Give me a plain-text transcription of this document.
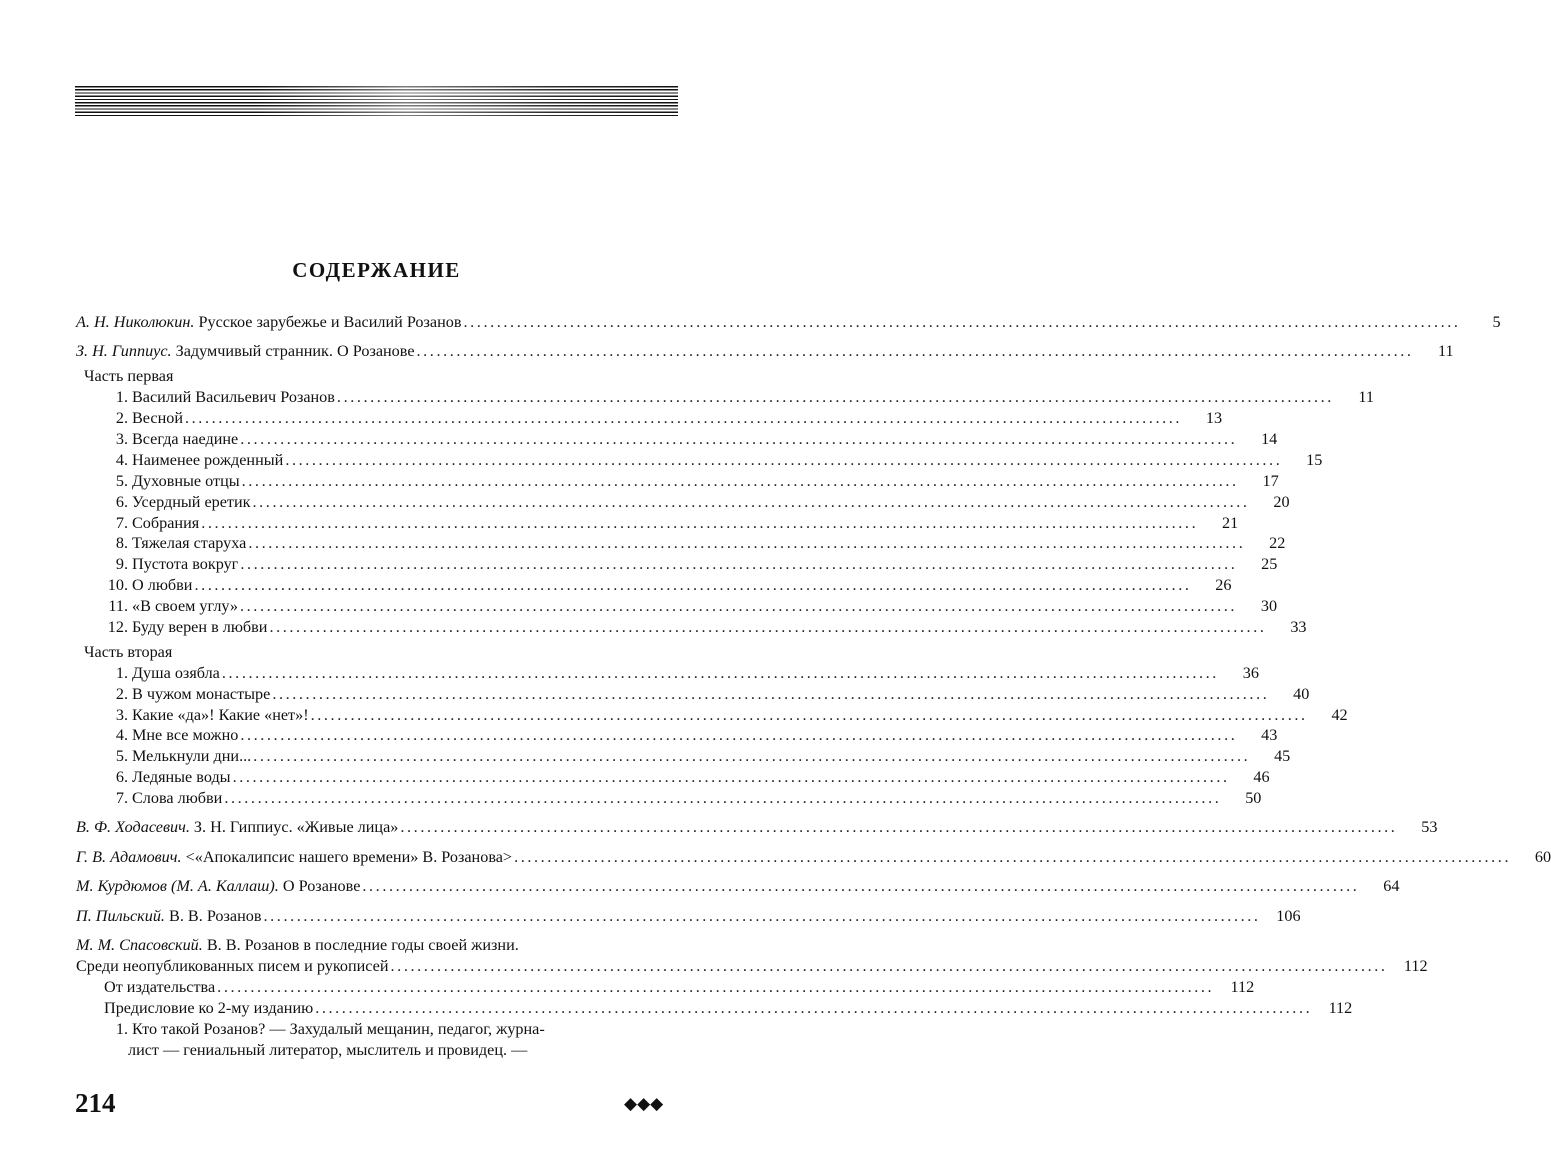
СОДЕРЖАНИЕ
А. Н. Николюкин. Русское зарубежье и Василий Розанов .....	5
З. Н. Гиппиус. Задумчивый странник. О Розанове .....	11
Часть первая
1. Василий Васильевич Розанов .....	11
2. Весной .....	13
3. Всегда наедине .....	14
4. Наименее рожденный .....	15
5. Духовные отцы .....	17
6. Усердный еретик .....	20
7. Собрания .....	21
8. Тяжелая старуха .....	22
9. Пустота вокруг .....	25
10. О любви .....	26
11. «В своем углу» .....	30
12. Буду верен в любви .....	33
Часть вторая
1. Душа озябла .....	36
2. В чужом монастыре .....	40
3. Какие «да»! Какие «нет»! .....	42
4. Мне все можно .....	43
5. Мелькнули дни... .....	45
6. Ледяные воды .....	46
7. Слова любви .....	50
В. Ф. Ходасевич. З. Н. Гиппиус. «Живые лица» .....	53
Г. В. Адамович. <«Апокалипсис нашего времени» В. Розанова> .....	60
М. Курдюмов (М. А. Каллаш). О Розанове .....	64
П. Пильский. В. В. Розанов .....	106
М. М. Спасовский. В. В. Розанов в последние годы своей жизни.
Среди неопубликованных писем и рукописей .....	112
От издательства .....	112
Предисловие ко 2-му изданию .....	112
1. Кто такой Розанов? — Захудалый мещанин, педагог, журна-
лист — гениальный литератор, мыслитель и провидец. —
214	◆◆◆
